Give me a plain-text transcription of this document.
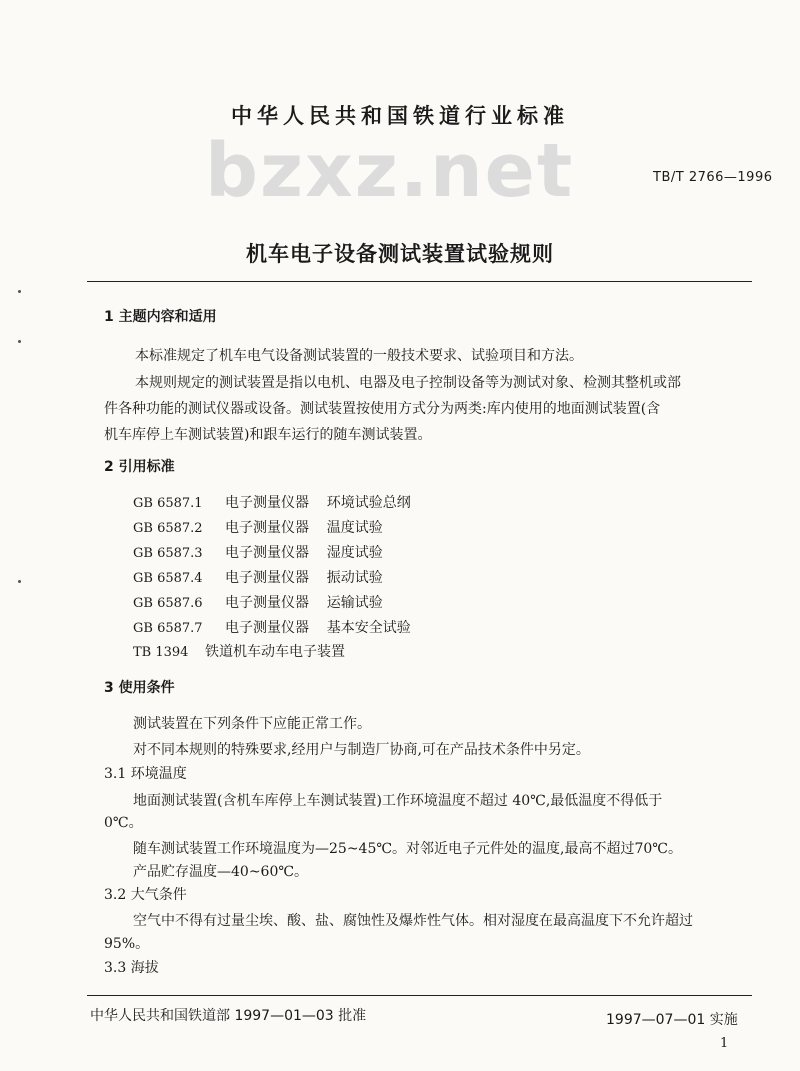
中华人民共和国铁道行业标准
bzxz.net	TB/T 2766—1996
机车电子设备测试装置试验规则
1 主题内容和适用
本标准规定了机车电气设备测试装置的一般技术要求、试验项目和方法。
本规则规定的测试装置是指以电机、电器及电子控制设备等为测试对象、检测其整机或部
件各种功能的测试仪器或设备。测试装置按使用方式分为两类:库内使用的地面测试装置(含
机车库停上车测试装置)和跟车运行的随车测试装置。
2 引用标准
GB 6587.1 电子测量仪器    环境试验总纲
GB 6587.2 电子测量仪器    温度试验
GB 6587.3 电子测量仪器    湿度试验
GB 6587.4 电子测量仪器    振动试验
GB 6587.6 电子测量仪器    运输试验
GB 6587.7 电子测量仪器    基本安全试验
TB 1394 铁道机车动车电子装置
3 使用条件
测试装置在下列条件下应能正常工作。
对不同本规则的特殊要求,经用户与制造厂协商,可在产品技术条件中另定。
3.1 环境温度
地面测试装置(含机车库停上车测试装置)工作环境温度不超过 40℃,最低温度不得低于
0℃。
随车测试装置工作环境温度为—25~45℃。对邻近电子元件处的温度,最高不超过70℃。
产品贮存温度—40~60℃。
3.2 大气条件
空气中不得有过量尘埃、酸、盐、腐蚀性及爆炸性气体。相对湿度在最高温度下不允许超过
95%。
3.3 海拔
中华人民共和国铁道部 1997—01—03 批准	1997—07—01 实施
1
